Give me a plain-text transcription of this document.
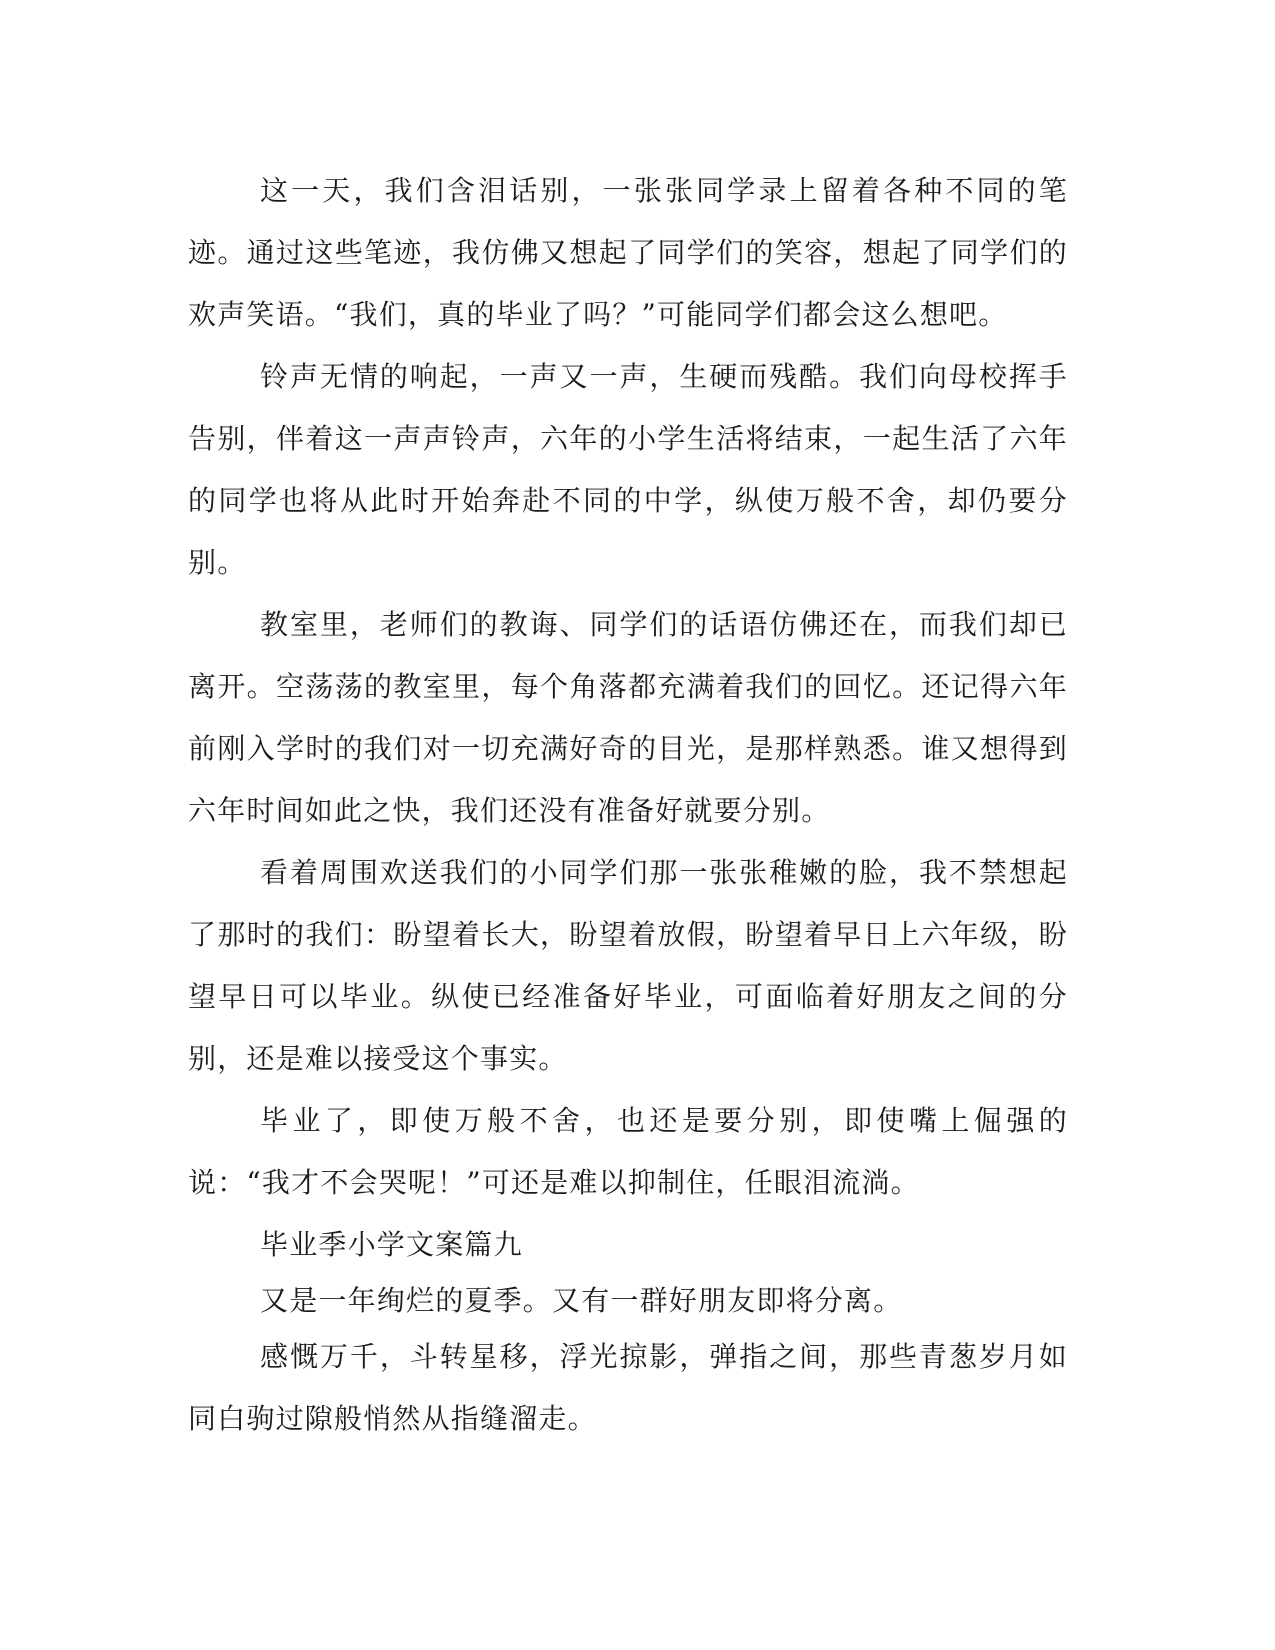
这一天，我们含泪话别，一张张同学录上留着各种不同的笔迹。通过这些笔迹，我仿佛又想起了同学们的笑容，想起了同学们的欢声笑语。“我们，真的毕业了吗？”可能同学们都会这么想吧。

铃声无情的响起，一声又一声，生硬而残酷。我们向母校挥手告别，伴着这一声声铃声，六年的小学生活将结束，一起生活了六年的同学也将从此时开始奔赴不同的中学，纵使万般不舍，却仍要分别。

教室里，老师们的教诲、同学们的话语仿佛还在，而我们却已离开。空荡荡的教室里，每个角落都充满着我们的回忆。还记得六年前刚入学时的我们对一切充满好奇的目光，是那样熟悉。谁又想得到六年时间如此之快，我们还没有准备好就要分别。

看着周围欢送我们的小同学们那一张张稚嫩的脸，我不禁想起了那时的我们：盼望着长大，盼望着放假，盼望着早日上六年级，盼望早日可以毕业。纵使已经准备好毕业，可面临着好朋友之间的分别，还是难以接受这个事实。

毕业了，即使万般不舍，也还是要分别，即使嘴上倔强的说：“我才不会哭呢！”可还是难以抑制住，任眼泪流淌。

毕业季小学文案篇九

又是一年绚烂的夏季。又有一群好朋友即将分离。

感慨万千，斗转星移，浮光掠影，弹指之间，那些青葱岁月如同白驹过隙般悄然从指缝溜走。
